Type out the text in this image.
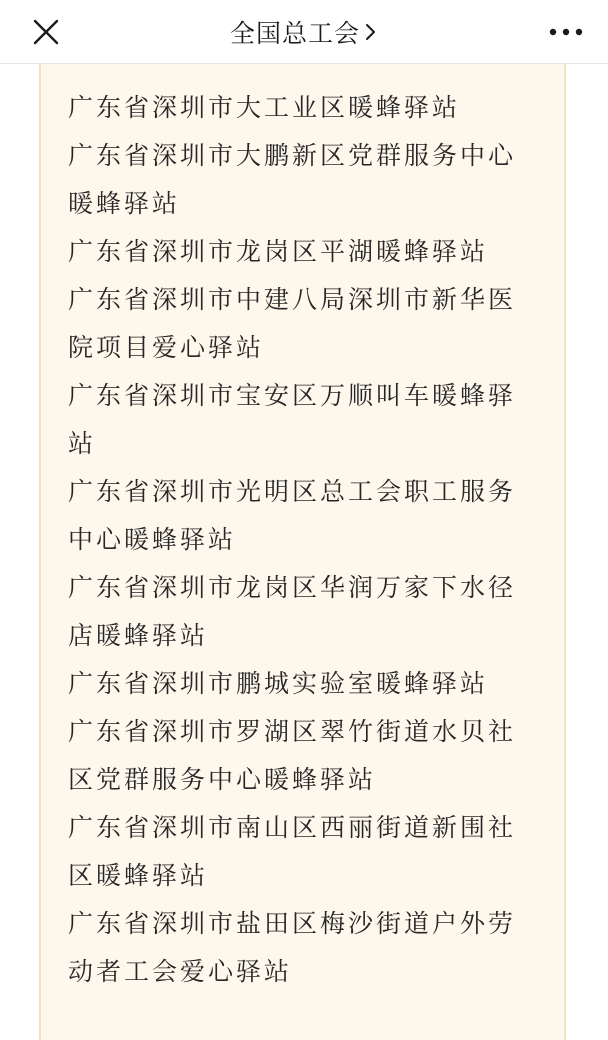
全国总工会
广东省深圳市大工业区暖蜂驿站
广东省深圳市大鹏新区党群服务中心暖蜂驿站
广东省深圳市龙岗区平湖暖蜂驿站
广东省深圳市中建八局深圳市新华医院项目爱心驿站
广东省深圳市宝安区万顺叫车暖蜂驿站
广东省深圳市光明区总工会职工服务中心暖蜂驿站
广东省深圳市龙岗区华润万家下水径店暖蜂驿站
广东省深圳市鹏城实验室暖蜂驿站
广东省深圳市罗湖区翠竹街道水贝社区党群服务中心暖蜂驿站
广东省深圳市南山区西丽街道新围社区暖蜂驿站
广东省深圳市盐田区梅沙街道户外劳动者工会爱心驿站
